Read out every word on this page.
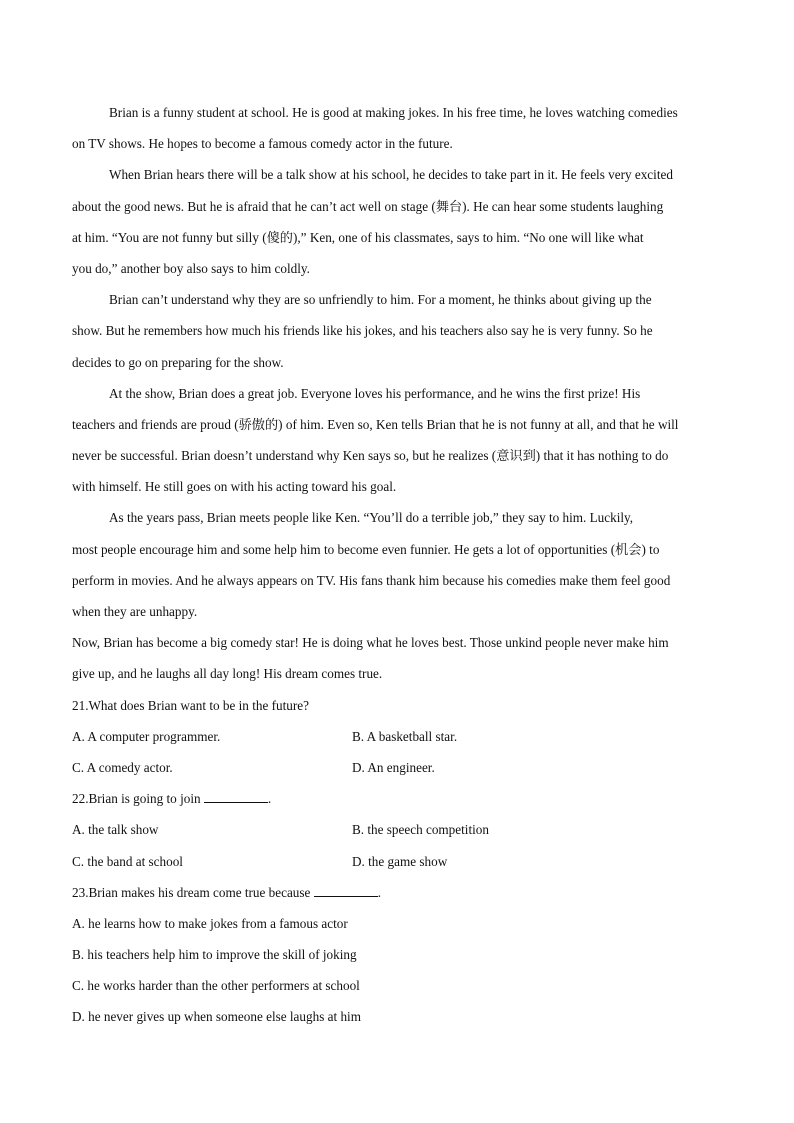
Brian is a funny student at school. He is good at making jokes. In his free time, he loves watching comedies
on TV shows. He hopes to become a famous comedy actor in the future.
When Brian hears there will be a talk show at his school, he decides to take part in it. He feels very excited
about the good news. But he is afraid that he can’t act well on stage (舞台). He can hear some students laughing
at him. “You are not funny but silly (傻的),” Ken, one of his classmates, says to him. “No one will like what
you do,” another boy also says to him coldly.
Brian can’t understand why they are so unfriendly to him. For a moment, he thinks about giving up the
show. But he remembers how much his friends like his jokes, and his teachers also say he is very funny. So he
decides to go on preparing for the show.
At the show, Brian does a great job. Everyone loves his performance, and he wins the first prize! His
teachers and friends are proud (骄傲的) of him. Even so, Ken tells Brian that he is not funny at all, and that he will
never be successful. Brian doesn’t understand why Ken says so, but he realizes (意识到) that it has nothing to do
with himself. He still goes on with his acting toward his goal.
As the years pass, Brian meets people like Ken. “You’ll do a terrible job,” they say to him. Luckily,
most people encourage him and some help him to become even funnier. He gets a lot of opportunities (机会) to
perform in movies. And he always appears on TV. His fans thank him because his comedies make them feel good
when they are unhappy.
Now, Brian has become a big comedy star! He is doing what he loves best. Those unkind people never make him
give up, and he laughs all day long! His dream comes true.
21.What does Brian want to be in the future?
A. A computer programmer.	B. A basketball star.
C. A comedy actor.	D. An engineer.
22.Brian is going to join	.
A. the talk show	B. the speech competition
C. the band at school	D. the game show
23.Brian makes his dream come true because	.
A. he learns how to make jokes from a famous actor
B. his teachers help him to improve the skill of joking
C. he works harder than the other performers at school
D. he never gives up when someone else laughs at him
